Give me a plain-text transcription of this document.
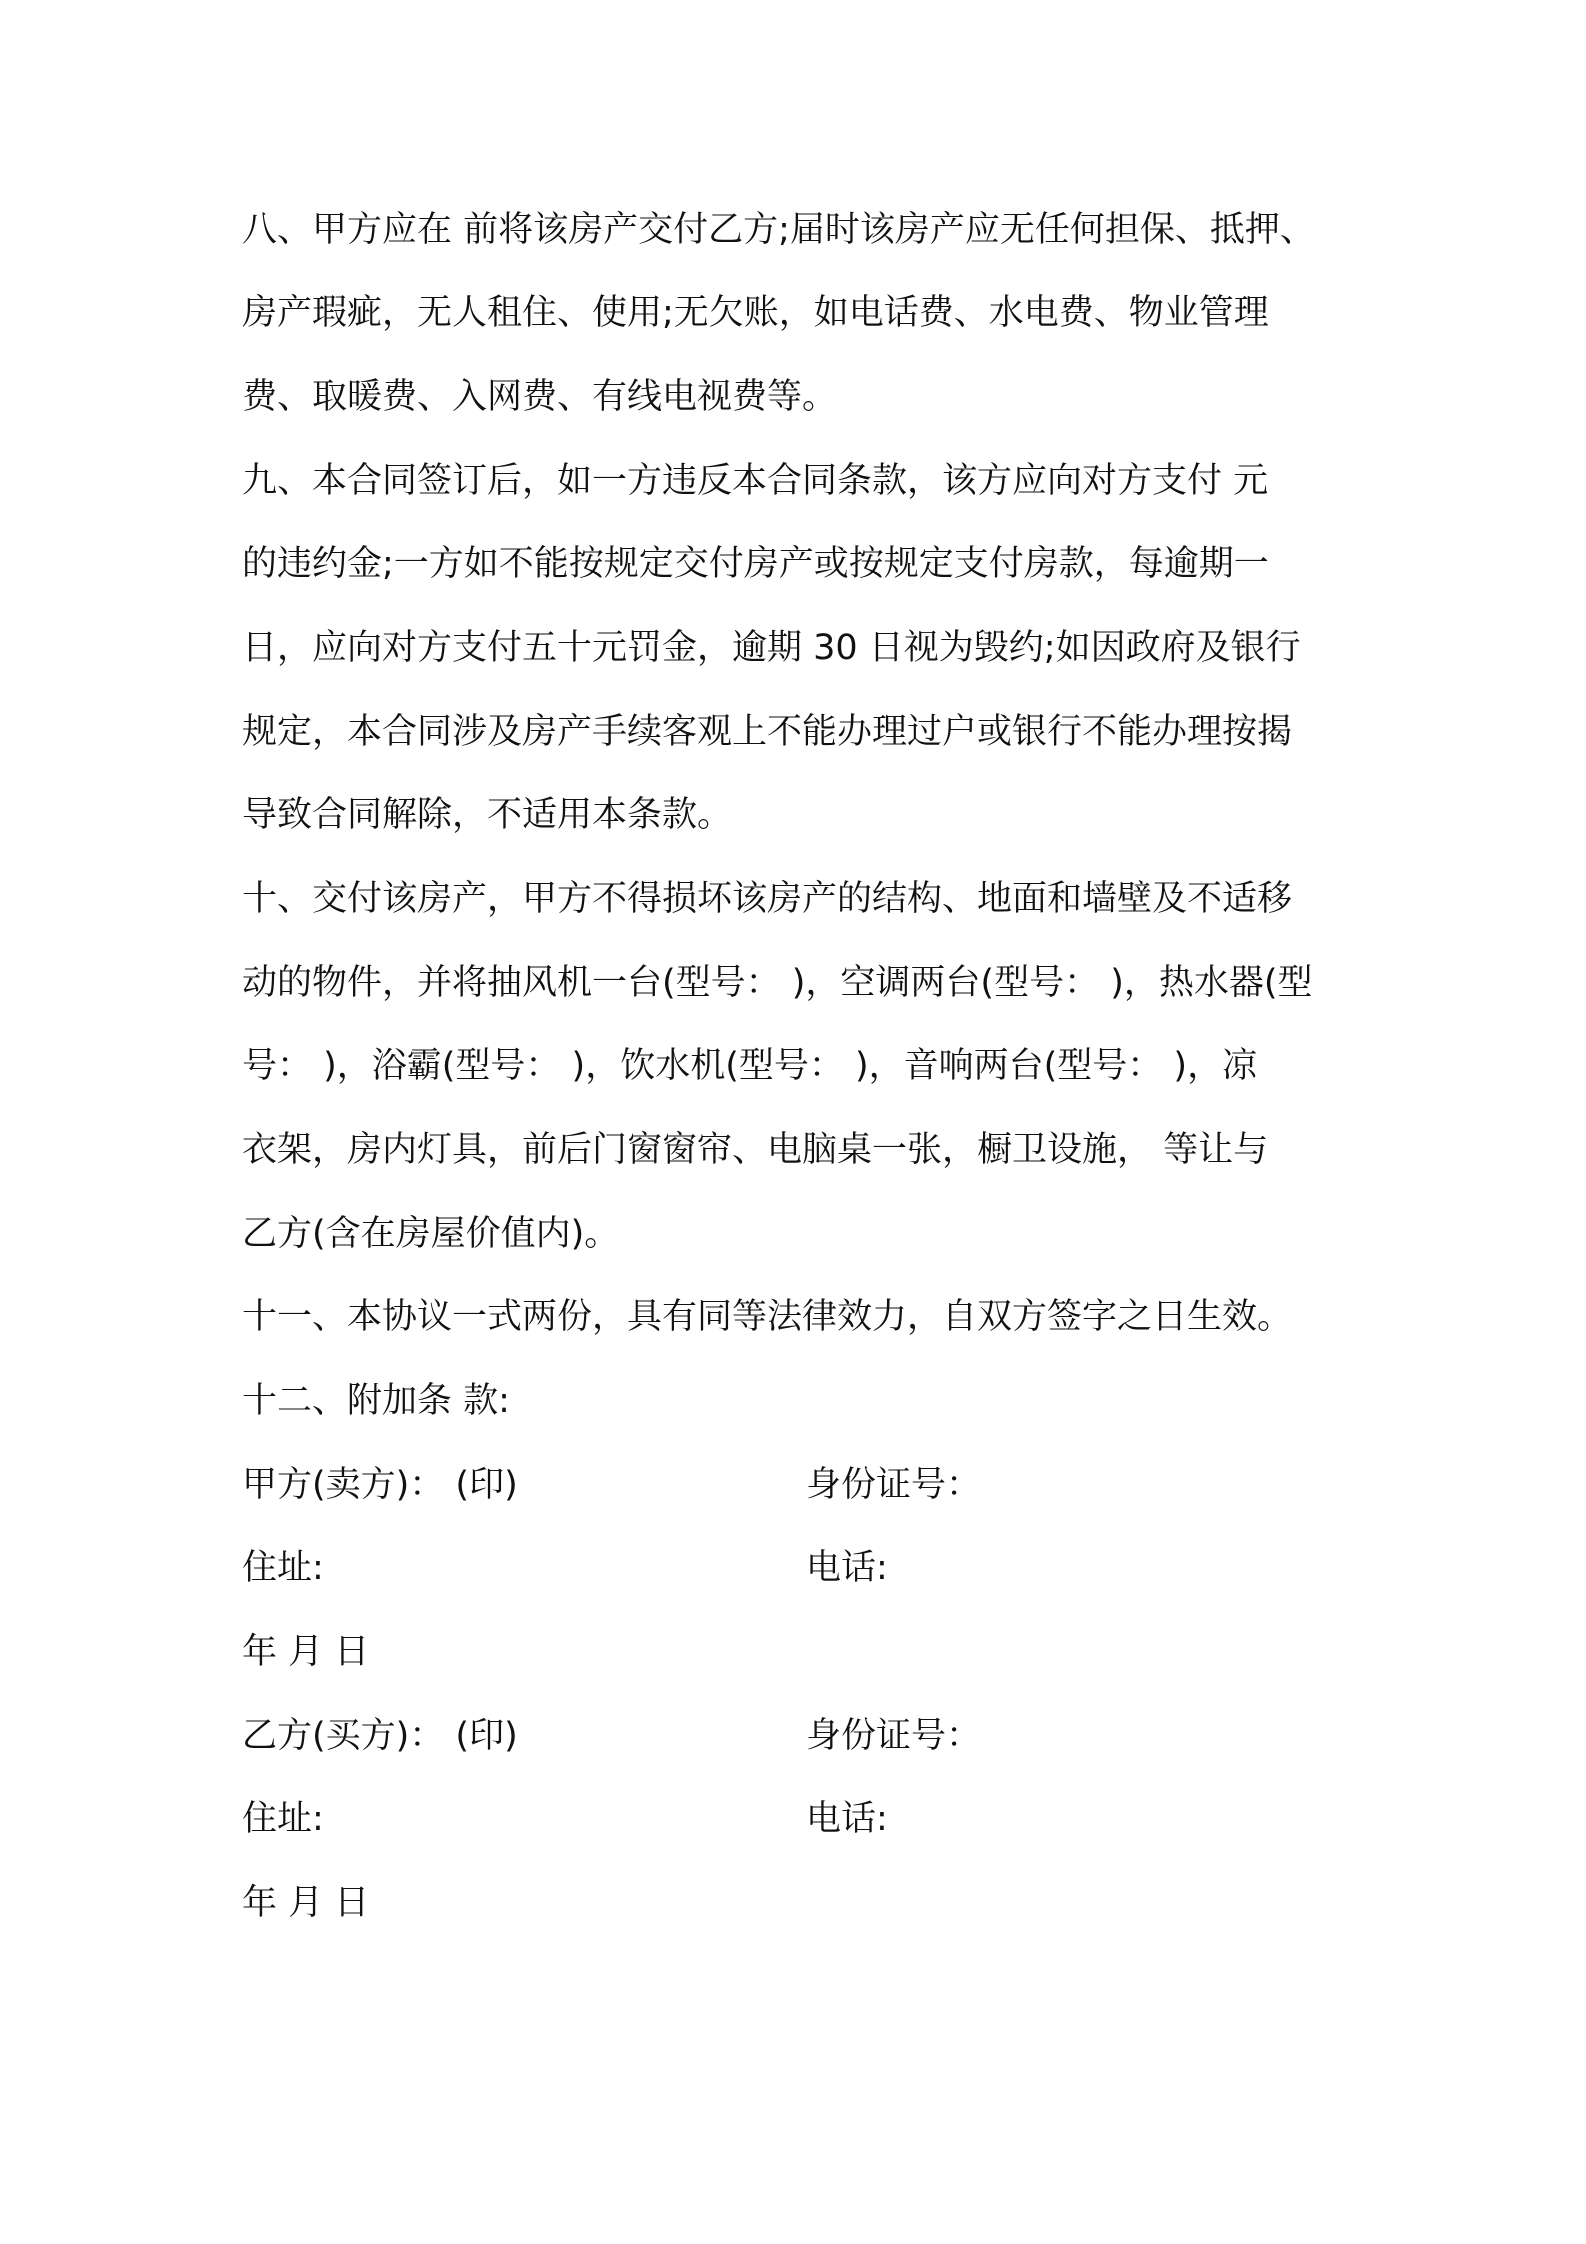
八、甲方应在 前将该房产交付乙方;届时该房产应无任何担保、抵押、
房产瑕疵，无人租住、使用;无欠账，如电话费、水电费、物业管理
费、取暖费、入网费、有线电视费等。
九、本合同签订后，如一方违反本合同条款，该方应向对方支付 元
的违约金;一方如不能按规定交付房产或按规定支付房款，每逾期一
日，应向对方支付五十元罚金，逾期 30 日视为毁约;如因政府及银行
规定，本合同涉及房产手续客观上不能办理过户或银行不能办理按揭
导致合同解除，不适用本条款。
十、交付该房产，甲方不得损坏该房产的结构、地面和墙壁及不适移
动的物件，并将抽风机一台(型号： )，空调两台(型号： )，热水器(型
号： )，浴霸(型号： )，饮水机(型号： )，音响两台(型号： )，凉
衣架，房内灯具，前后门窗窗帘、电脑桌一张，橱卫设施， 等让与
乙方(含在房屋价值内)。
十一、本协议一式两份，具有同等法律效力，自双方签字之日生效。
十二、附加条 款:
甲方(卖方)： (印)	身份证号：
住址:	电话:
年 月 日
乙方(买方)： (印)	身份证号：
住址:	电话:
年 月 日
